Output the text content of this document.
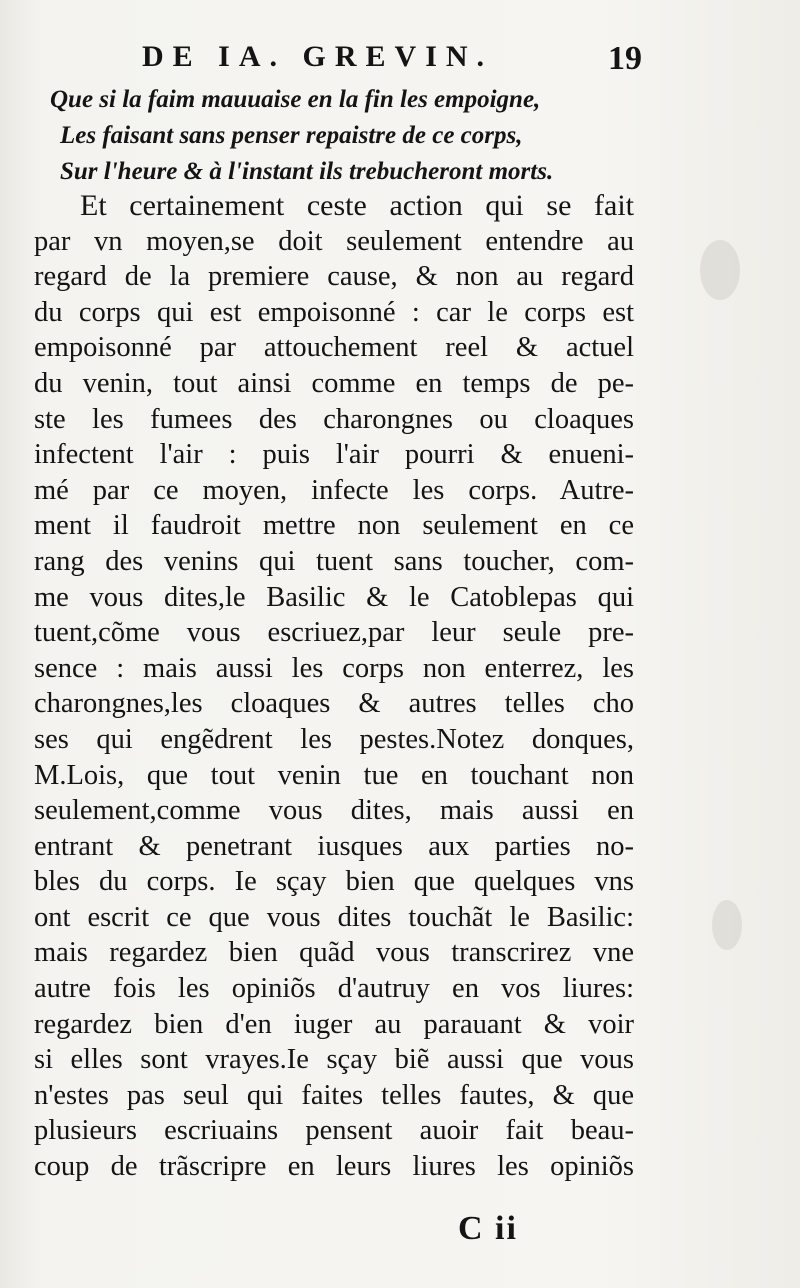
DE IA. GREVIN.	19
Que si la faim mauuaise en la fin les empoigne,
Les faisant sans penser repaistre de ce corps,
Sur l'heure & à l'instant ils trebucheront morts.
Et certainement ceste action qui se fait
par vn moyen,se doit seulement entendre au
regard de la premiere cause, & non au regard
du corps qui est empoisonné : car le corps est
empoisonné par attouchement reel & actuel
du venin, tout ainsi comme en temps de pe-
ste les fumees des charongnes ou cloaques
infectent l'air : puis l'air pourri & enueni-
mé par ce moyen, infecte les corps. Autre-
ment il faudroit mettre non seulement en ce
rang des venins qui tuent sans toucher, com-
me vous dites,le Basilic & le Catoblepas qui
tuent,cõme vous escriuez,par leur seule pre-
sence : mais aussi les corps non enterrez, les
charongnes,les cloaques & autres telles cho
ses qui engẽdrent les pestes.Notez donques,
M.Lois, que tout venin tue en touchant non
seulement,comme vous dites, mais aussi en
entrant & penetrant iusques aux parties no-
bles du corps. Ie sçay bien que quelques vns
ont escrit ce que vous dites touchãt le Basilic:
mais regardez bien quãd vous transcrirez vne
autre fois les opiniõs d'autruy en vos liures:
regardez bien d'en iuger au parauant & voir
si elles sont vrayes.Ie sçay biẽ aussi que vous
n'estes pas seul qui faites telles fautes, & que
plusieurs escriuains pensent auoir fait beau-
coup de trãscripre en leurs liures les opiniõs
C ii
